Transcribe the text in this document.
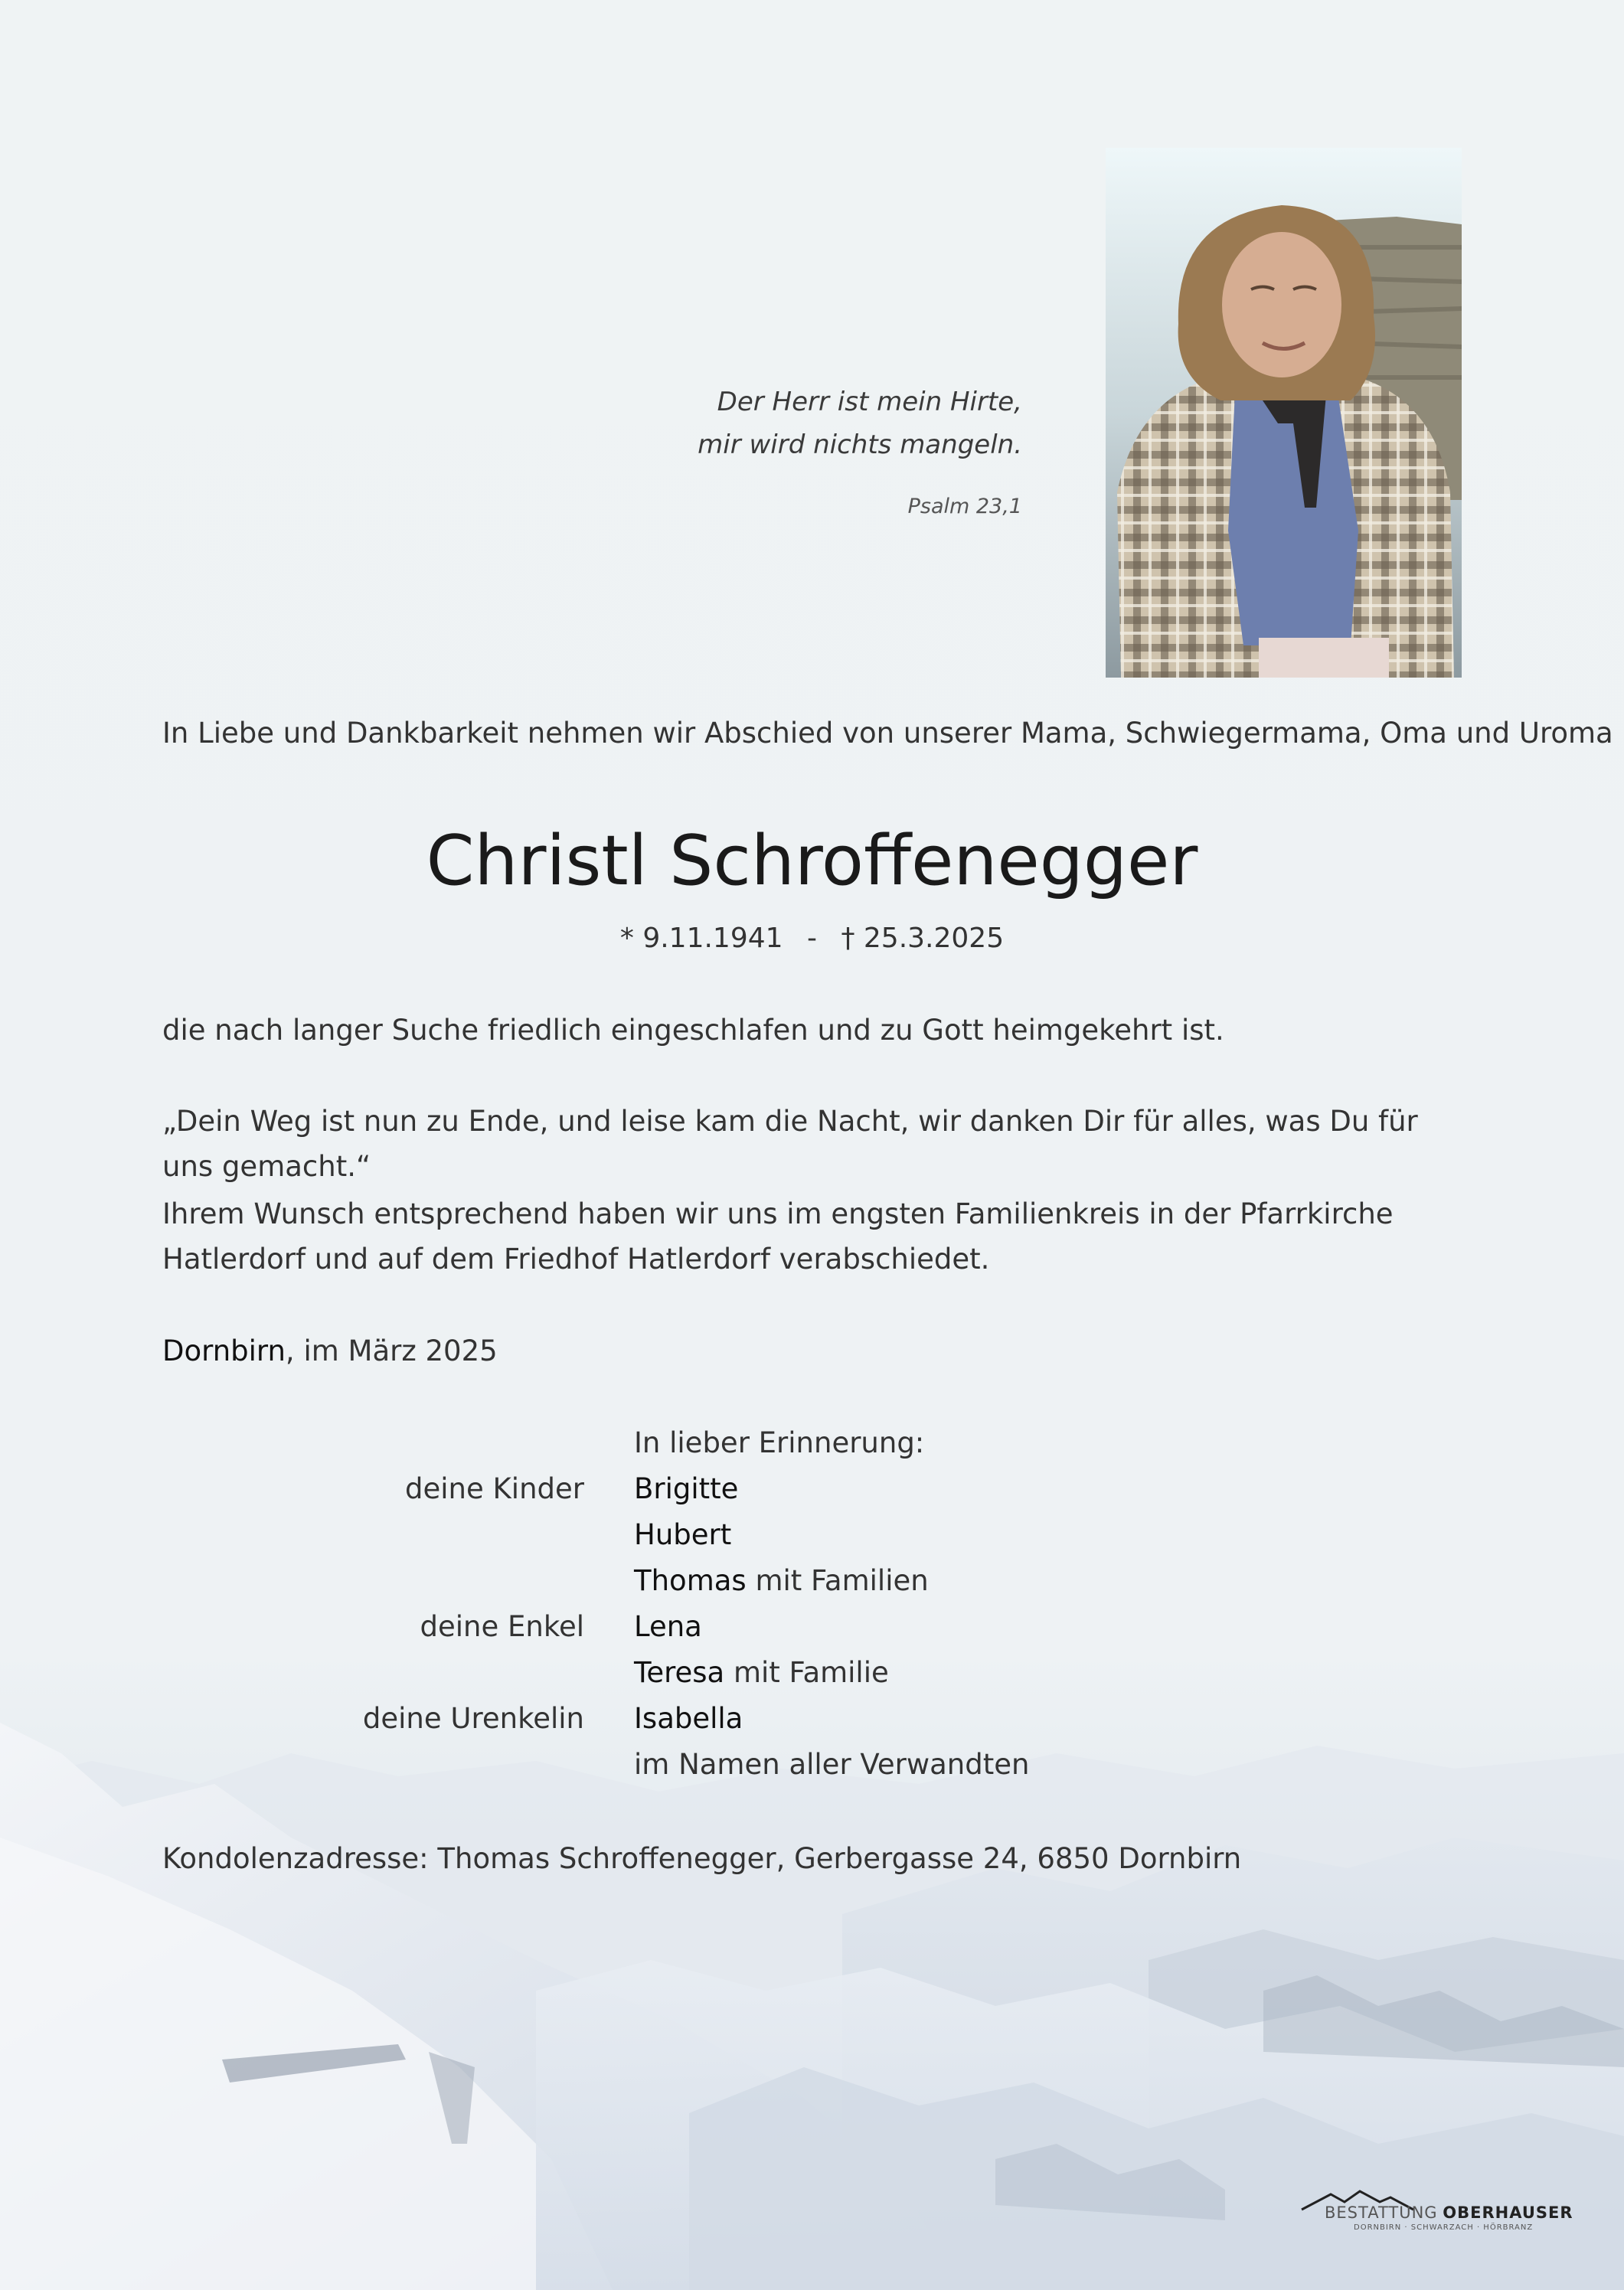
Der Herr ist mein Hirte,
mir wird nichts mangeln.
Psalm 23,1
In Liebe und Dankbarkeit nehmen wir Abschied von unserer Mama, Schwiegermama, Oma und Uroma
Christl Schroffenegger
* 9.11.1941 - † 25.3.2025
die nach langer Suche friedlich eingeschlafen und zu Gott heimgekehrt ist.
„Dein Weg ist nun zu Ende, und leise kam die Nacht, wir danken Dir für alles, was Du für uns gemacht.“
Ihrem Wunsch entsprechend haben wir uns im engsten Familienkreis in der Pfarrkirche Hatlerdorf und auf dem Friedhof Hatlerdorf verabschiedet.
Dornbirn, im März 2025
In lieber Erinnerung:
deine Kinder Brigitte
Hubert
Thomas mit Familien
deine Enkel Lena
Teresa mit Familie
deine Urenkelin Isabella
im Namen aller Verwandten
Kondolenzadresse: Thomas Schroffenegger, Gerbergasse 24, 6850 Dornbirn
BESTATTUNG OBERHAUSER
DORNBIRN · SCHWARZACH · HÖRBRANZ
